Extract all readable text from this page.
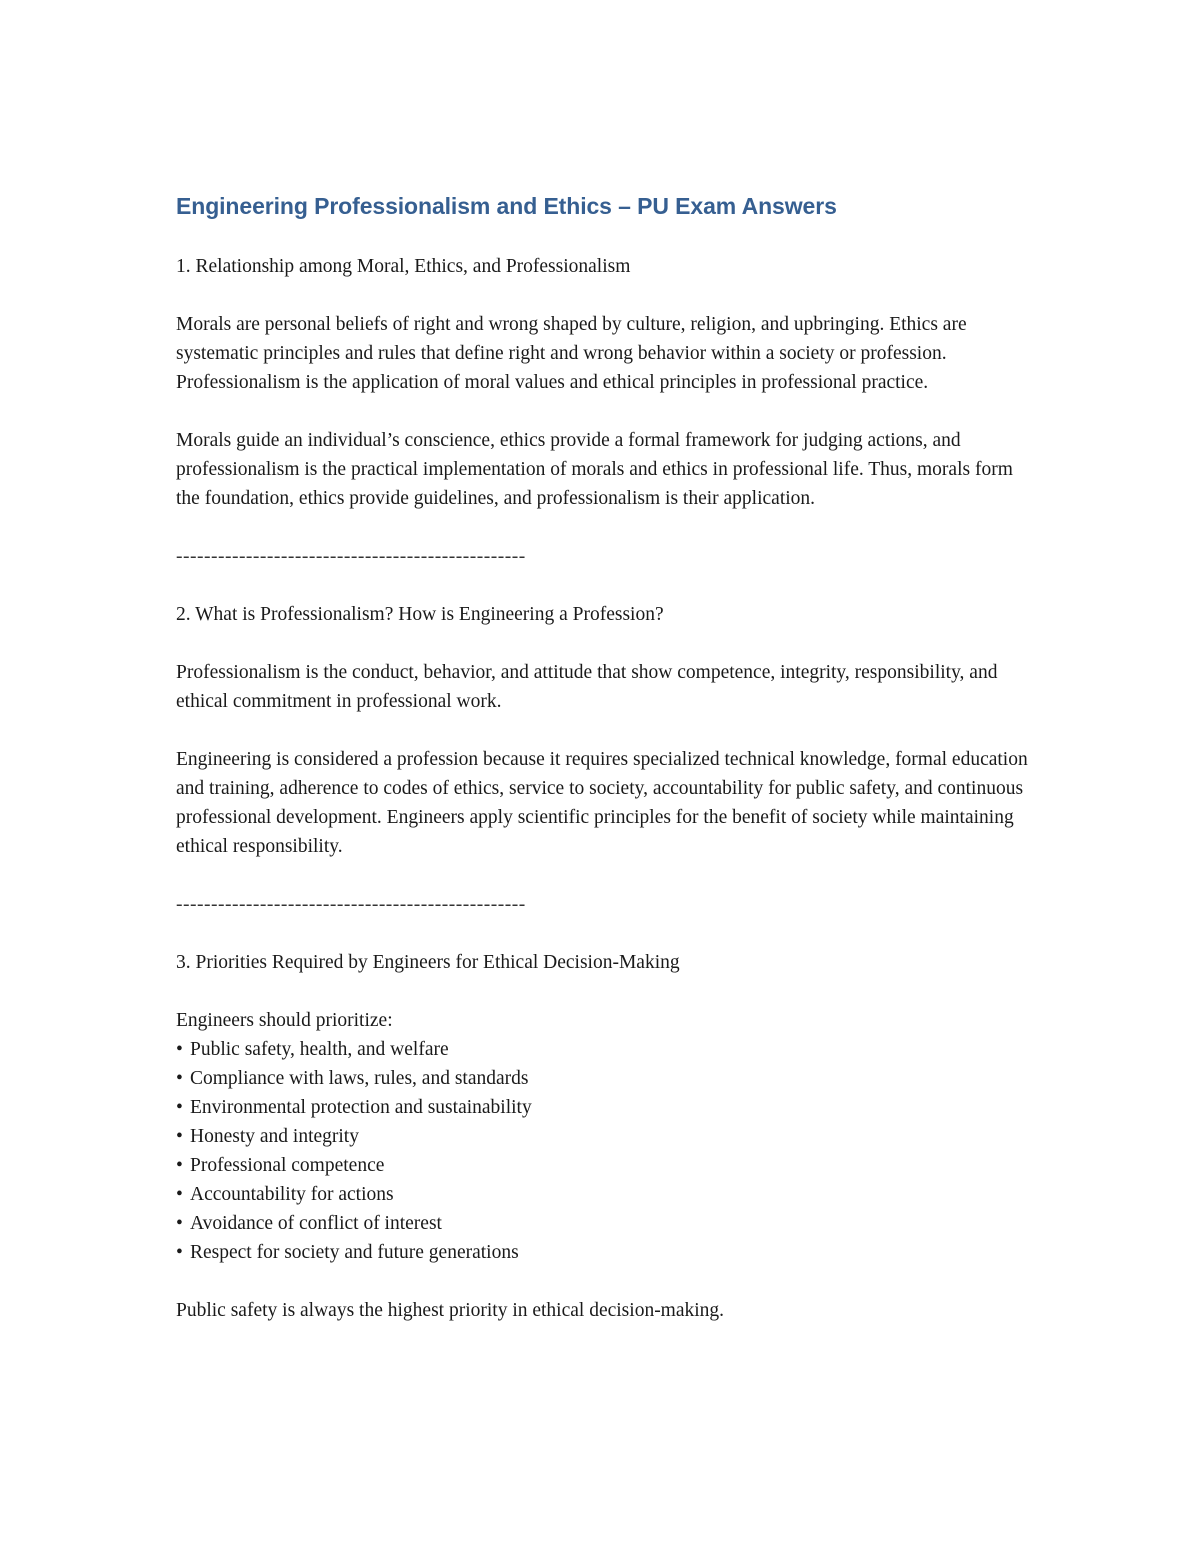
Engineering Professionalism and Ethics – PU Exam Answers
1. Relationship among Moral, Ethics, and Professionalism
Morals are personal beliefs of right and wrong shaped by culture, religion, and upbringing. Ethics are systematic principles and rules that define right and wrong behavior within a society or profession. Professionalism is the application of moral values and ethical principles in professional practice.
Morals guide an individual’s conscience, ethics provide a formal framework for judging actions, and professionalism is the practical implementation of morals and ethics in professional life. Thus, morals form the foundation, ethics provide guidelines, and professionalism is their application.
--------------------------------------------------
2. What is Professionalism? How is Engineering a Profession?
Professionalism is the conduct, behavior, and attitude that show competence, integrity, responsibility, and ethical commitment in professional work.
Engineering is considered a profession because it requires specialized technical knowledge, formal education and training, adherence to codes of ethics, service to society, accountability for public safety, and continuous professional development. Engineers apply scientific principles for the benefit of society while maintaining ethical responsibility.
--------------------------------------------------
3. Priorities Required by Engineers for Ethical Decision-Making
Engineers should prioritize:
• Public safety, health, and welfare
• Compliance with laws, rules, and standards
• Environmental protection and sustainability
• Honesty and integrity
• Professional competence
• Accountability for actions
• Avoidance of conflict of interest
• Respect for society and future generations
Public safety is always the highest priority in ethical decision-making.
